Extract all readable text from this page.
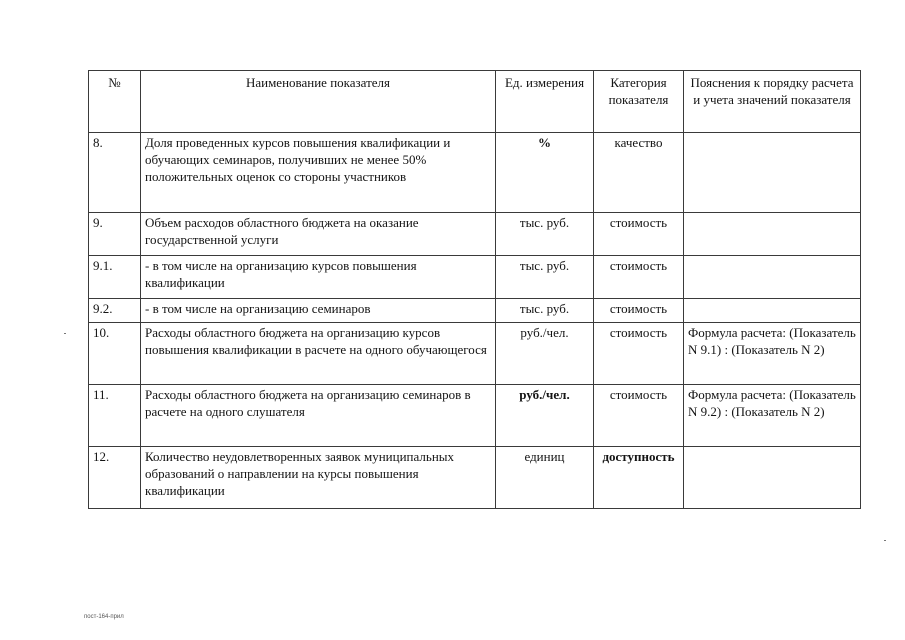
№	Наименование показателя	Ед. измерения	Категория показателя	Пояснения к порядку расчета и учета значений показателя
8.	Доля проведенных курсов повышения квалификации и обучающих семинаров, получивших не менее 50% положительных оценок со стороны участников	%	качество	
9.	Объем расходов областного бюджета на оказание государственной услуги	тыс. руб.	стоимость	
9.1.	- в том числе на организацию курсов повышения квалификации	тыс. руб.	стоимость	
9.2.	- в том числе на организацию семинаров	тыс. руб.	стоимость	
10.	Расходы областного бюджета на организацию курсов повышения квалификации в расчете на одного обучающегося	руб./чел.	стоимость	Формула расчета: (Показатель N 9.1) : (Показатель N 2)
11.	Расходы областного бюджета на организацию семинаров в расчете на одного слушателя	руб./чел.	стоимость	Формула расчета: (Показатель N 9.2) : (Показатель N 2)
12.	Количество неудовлетворенных заявок муниципальных образований о направлении на курсы повышения квалификации	единиц	доступность	
пост-164-прил
